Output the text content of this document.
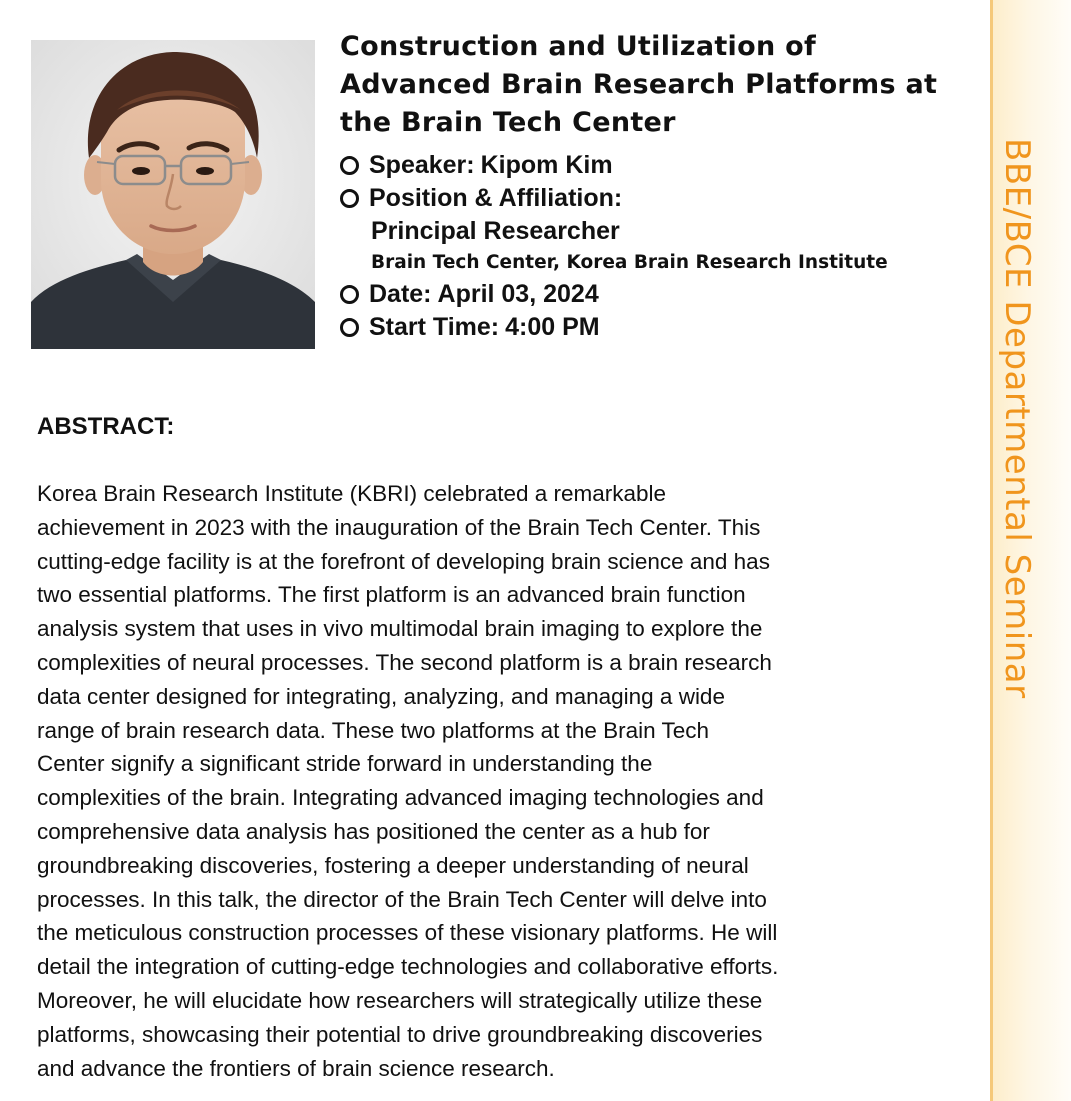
BBE/BCE Departmental Seminar
Construction and Utilization of
Advanced Brain Research Platforms at
the Brain Tech Center
Speaker: Kipom Kim
Position & Affiliation:
Principal Researcher
Brain Tech Center, Korea Brain Research Institute
Date: April 03, 2024
Start Time: 4:00 PM
ABSTRACT:

Korea Brain Research Institute (KBRI) celebrated a remarkable
achievement in 2023 with the inauguration of the Brain Tech Center. This
cutting-edge facility is at the forefront of developing brain science and has
two essential platforms. The first platform is an advanced brain function
analysis system that uses in vivo multimodal brain imaging to explore the
complexities of neural processes. The second platform is a brain research
data center designed for integrating, analyzing, and managing a wide
range of brain research data. These two platforms at the Brain Tech
Center signify a significant stride forward in understanding the
complexities of the brain. Integrating advanced imaging technologies and
comprehensive data analysis has positioned the center as a hub for
groundbreaking discoveries, fostering a deeper understanding of neural
processes. In this talk, the director of the Brain Tech Center will delve into
the meticulous construction processes of these visionary platforms. He will
detail the integration of cutting-edge technologies and collaborative efforts.
Moreover, he will elucidate how researchers will strategically utilize these
platforms, showcasing their potential to drive groundbreaking discoveries
and advance the frontiers of brain science research.
